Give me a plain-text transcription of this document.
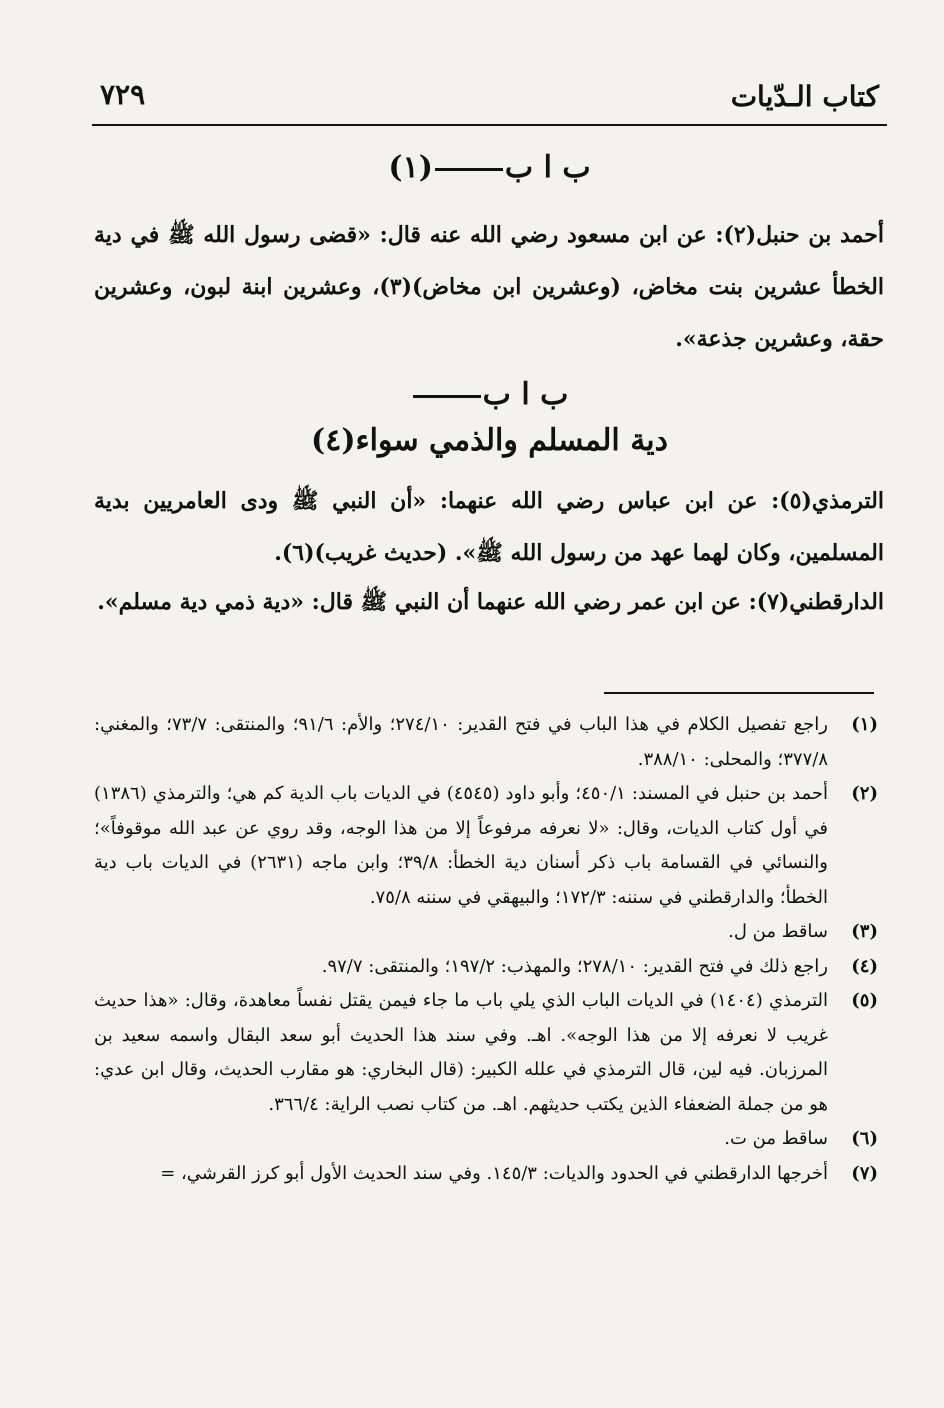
٧٢٩	كتاب الـدّيات
ب ا ب(١)

أحمد بن حنبل(٢): عن ابن مسعود رضي الله عنه قال: «قضى رسول الله ﷺ في دية الخطأ عشرين بنت مخاض، (وعشرين ابن مخاض)(٣)، وعشرين ابنة لبون، وعشرين حقة، وعشرين جذعة».

ب ا ب
دية المسلم والذمي سواء(٤)

الترمذي(٥): عن ابن عباس رضي الله عنهما: «أن النبي ﷺ ودى العامريين بدية المسلمين، وكان لهما عهد من رسول الله ﷺ». (حديث غريب)(٦).

الدارقطني(٧): عن ابن عمر رضي الله عنهما أن النبي ﷺ قال: «دية ذمي دية مسلم».

(١)
راجع تفصيل الكلام في هذا الباب في فتح القدير: ٢٧٤/١٠؛ والأم: ٩١/٦؛ والمنتقى: ٧٣/٧؛ والمغني: ٣٧٧/٨؛ والمحلى: ٣٨٨/١٠.
(٢)
أحمد بن حنبل في المسند: ٤٥٠/١؛ وأبو داود (٤٥٤٥) في الديات باب الدية كم هي؛ والترمذي (١٣٨٦) في أول كتاب الديات، وقال: «لا نعرفه مرفوعاً إلا من هذا الوجه، وقد روي عن عبد الله موقوفاً»؛ والنسائي في القسامة باب ذكر أسنان دية الخطأ: ٣٩/٨؛ وابن ماجه (٢٦٣١) في الديات باب دية الخطأ؛ والدارقطني في سننه: ١٧٢/٣؛ والبيهقي في سننه ٧٥/٨.
(٣)
ساقط من ل.
(٤)
راجع ذلك في فتح القدير: ٢٧٨/١٠؛ والمهذب: ١٩٧/٢؛ والمنتقى: ٩٧/٧.
(٥)
الترمذي (١٤٠٤) في الديات الباب الذي يلي باب ما جاء فيمن يقتل نفساً معاهدة، وقال: «هذا حديث غريب لا نعرفه إلا من هذا الوجه». اهـ. وفي سند هذا الحديث أبو سعد البقال واسمه سعيد بن المرزبان. فيه لين، قال الترمذي في علله الكبير: (قال البخاري: هو مقارب الحديث، وقال ابن عدي: هو من جملة الضعفاء الذين يكتب حديثهم. اهـ. من كتاب نصب الراية: ٣٦٦/٤.
(٦)
ساقط من ت.
(٧)
أخرجها الدارقطني في الحدود والديات: ١٤٥/٣. وفي سند الحديث الأول أبو كرز القرشي، =
